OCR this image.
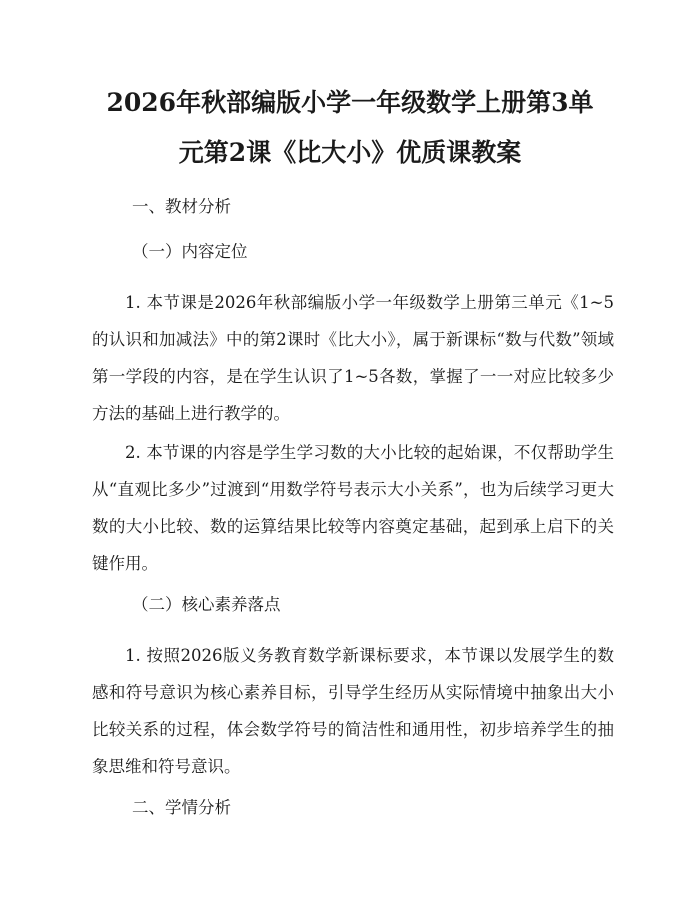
2026年秋部编版小学一年级数学上册第3单
元第2课《比大小》优质课教案

一、教材分析

（一）内容定位

1. 本节课是2026年秋部编版小学一年级数学上册第三单元《1~5的认识和加减法》中的第2课时《比大小》，属于新课标“数与代数”领域第一学段的内容，是在学生认识了1~5各数，掌握了一一对应比较多少方法的基础上进行教学的。

2. 本节课的内容是学生学习数的大小比较的起始课，不仅帮助学生从“直观比多少”过渡到“用数学符号表示大小关系”，也为后续学习更大数的大小比较、数的运算结果比较等内容奠定基础，起到承上启下的关键作用。

（二）核心素养落点

1. 按照2026版义务教育数学新课标要求，本节课以发展学生的数感和符号意识为核心素养目标，引导学生经历从实际情境中抽象出大小比较关系的过程，体会数学符号的简洁性和通用性，初步培养学生的抽象思维和符号意识。

二、学情分析
